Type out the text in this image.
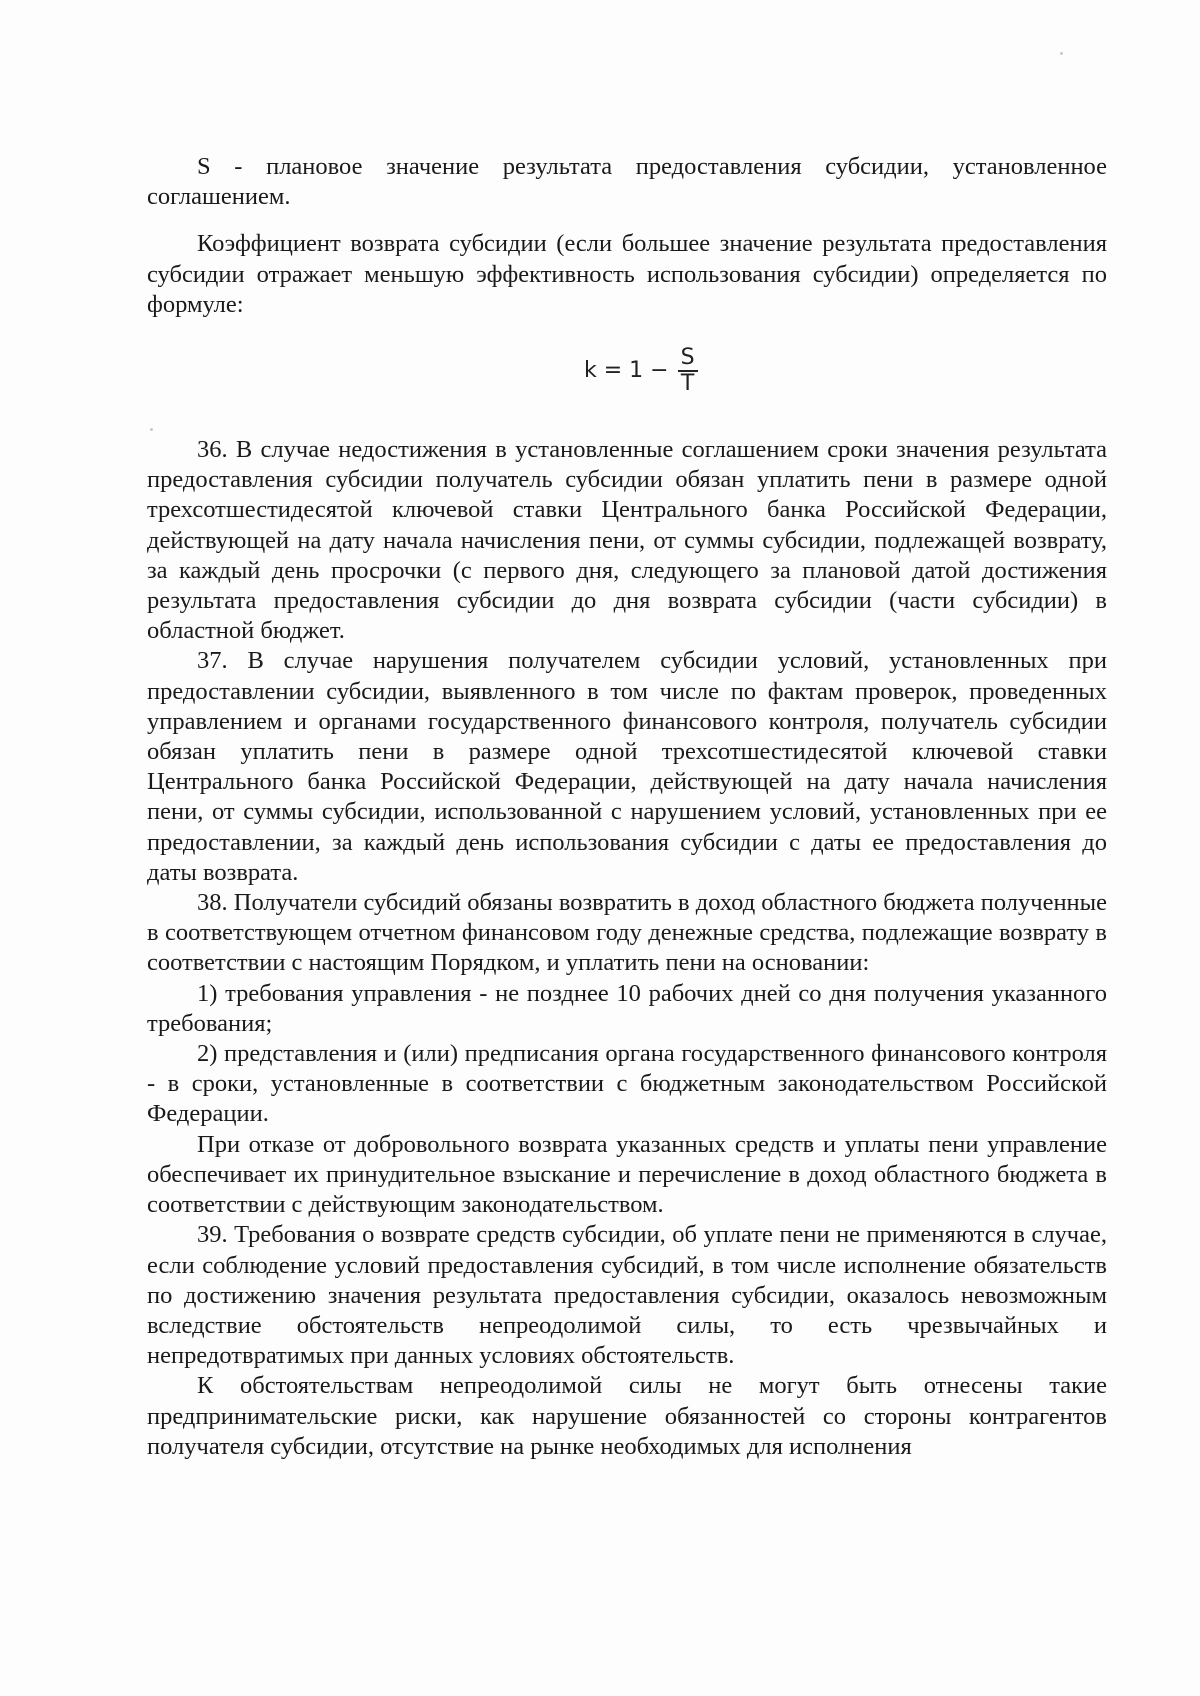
S - плановое значение результата предоставления субсидии, установленное соглашением.

Коэффициент возврата субсидии (если большее значение результата предоставления субсидии отражает меньшую эффективность использования субсидии) определяется по формуле:

$k = 1 - \frac{S}{T}$

36. В случае недостижения в установленные соглашением сроки значения результата предоставления субсидии получатель субсидии обязан уплатить пени в размере одной трехсотшестидесятой ключевой ставки Центрального банка Российской Федерации, действующей на дату начала начисления пени, от суммы субсидии, подлежащей возврату, за каждый день просрочки (с первого дня, следующего за плановой датой достижения результата предоставления субсидии до дня возврата субсидии (части субсидии) в областной бюджет.

37. В случае нарушения получателем субсидии условий, установленных при предоставлении субсидии, выявленного в том числе по фактам проверок, проведенных управлением и органами государственного финансового контроля, получатель субсидии обязан уплатить пени в размере одной трехсотшестидесятой ключевой ставки Центрального банка Российской Федерации, действующей на дату начала начисления пени, от суммы субсидии, использованной с нарушением условий, установленных при ее предоставлении, за каждый день использования субсидии с даты ее предоставления до даты возврата.

38. Получатели субсидий обязаны возвратить в доход областного бюджета полученные в соответствующем отчетном финансовом году денежные средства, подлежащие возврату в соответствии с настоящим Порядком, и уплатить пени на основании:

1) требования управления - не позднее 10 рабочих дней со дня получения указанного требования;

2) представления и (или) предписания органа государственного финансового контроля - в сроки, установленные в соответствии с бюджетным законодательством Российской Федерации.

При отказе от добровольного возврата указанных средств и уплаты пени управление обеспечивает их принудительное взыскание и перечисление в доход областного бюджета в соответствии с действующим законодательством.

39. Требования о возврате средств субсидии, об уплате пени не применяются в случае, если соблюдение условий предоставления субсидий, в том числе исполнение обязательств по достижению значения результата предоставления субсидии, оказалось невозможным вследствие обстоятельств непреодолимой силы, то есть чрезвычайных и непредотвратимых при данных условиях обстоятельств.

К обстоятельствам непреодолимой силы не могут быть отнесены такие предпринимательские риски, как нарушение обязанностей со стороны контрагентов получателя субсидии, отсутствие на рынке необходимых для исполнения
